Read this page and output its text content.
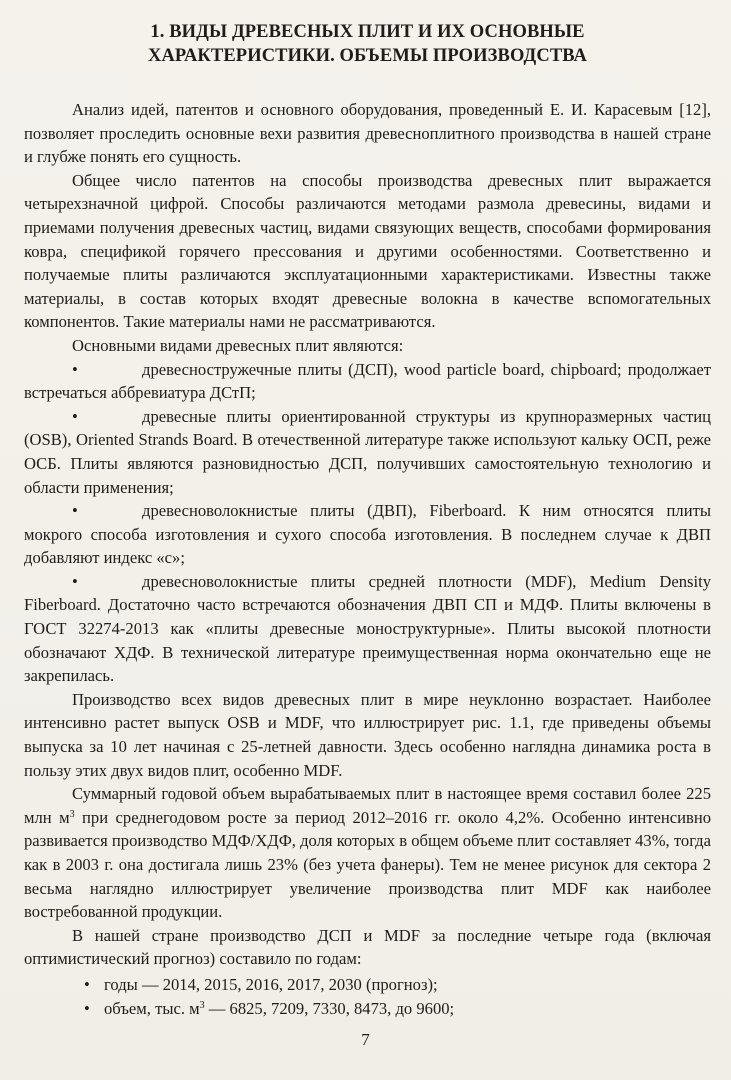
1. ВИДЫ ДРЕВЕСНЫХ ПЛИТ И ИХ ОСНОВНЫЕ
ХАРАКТЕРИСТИКИ. ОБЪЕМЫ ПРОИЗВОДСТВА

Анализ идей, патентов и основного оборудования, проведенный Е. И. Карасевым [12], позволяет проследить основные вехи развития древесноплитного производства в нашей стране и глубже понять его сущность.

Общее число патентов на способы производства древесных плит выражается четырехзначной цифрой. Способы различаются методами размола древесины, видами и приемами получения древесных частиц, видами связующих веществ, способами формирования ковра, спецификой горячего прессования и другими особенностями. Соответственно и получаемые плиты различаются эксплуатационными характеристиками. Известны также материалы, в состав которых входят древесные волокна в качестве вспомогательных компонентов. Такие материалы нами не рассматриваются.

Основными видами древесных плит являются:

•древесностружечные плиты (ДСП), wood particle board, chipboard; продолжает встречаться аббревиатура ДСтП;

•древесные плиты ориентированной структуры из крупноразмерных частиц (OSB), Oriented Strands Board. В отечественной литературе также используют кальку ОСП, реже ОСБ. Плиты являются разновидностью ДСП, получивших самостоятельную технологию и области применения;

•древесноволокнистые плиты (ДВП), Fiberboard. К ним относятся плиты мокрого способа изготовления и сухого способа изготовления. В последнем случае к ДВП добавляют индекс «с»;

•древесноволокнистые плиты средней плотности (MDF), Medium Density Fiberboard. Достаточно часто встречаются обозначения ДВП СП и МДФ. Плиты включены в ГОСТ 32274-2013 как «плиты древесные моноструктурные». Плиты высокой плотности обозначают ХДФ. В технической литературе преимущественная норма окончательно еще не закрепилась.

Производство всех видов древесных плит в мире неуклонно возрастает. Наиболее интенсивно растет выпуск OSB и MDF, что иллюстрирует рис. 1.1, где приведены объемы выпуска за 10 лет начиная с 25-летней давности. Здесь особенно наглядна динамика роста в пользу этих двух видов плит, особенно MDF.

Суммарный годовой объем вырабатываемых плит в настоящее время составил более 225 млн $м^3$ при среднегодовом росте за период 2012–2016 гг. около 4,2%. Особенно интенсивно развивается производство МДФ/ХДФ, доля которых в общем объеме плит составляет 43%, тогда как в 2003 г. она достигала лишь 23% (без учета фанеры). Тем не менее рисунок для сектора 2 весьма наглядно иллюстрирует увеличение производства плит MDF как наиболее востребованной продукции.

В нашей стране производство ДСП и MDF за последние четыре года (включая оптимистический прогноз) составило по годам:

• годы — 2014, 2015, 2016, 2017, 2030 (прогноз);
• объем, тыс. $м^3$ — 6825, 7209, 7330, 8473, до 9600;
7
